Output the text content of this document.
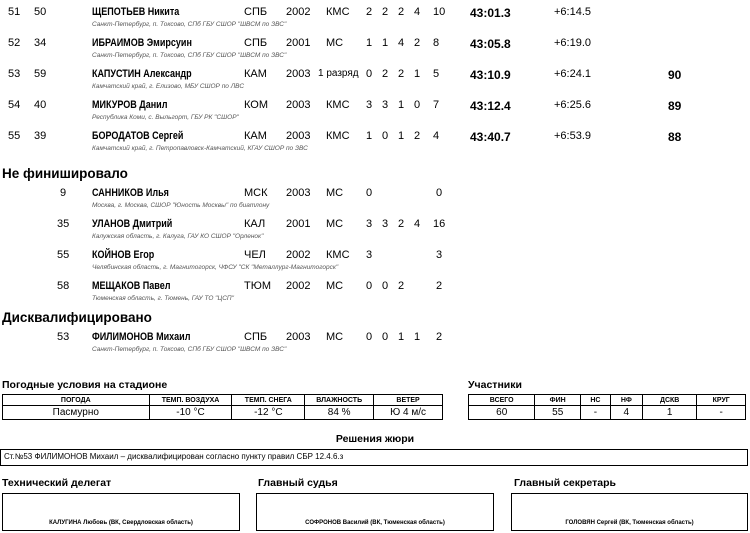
51 50	ЩЕПОТЬЕВ Никита	СПБ 2002 КМС 2 2 2 4 10 43:01.3	+6:14.5
Санкт-Петербург, п. Токсово, СПб ГБУ СШОР "ШВСМ по ЗВС"
52 34	ИБРАИМОВ Эмирсуин	СПБ 2001 МС 1 1 4 2 8	43:05.8	+6:19.0
Санкт-Петербург, п. Токсово, СПб ГБУ СШОР "ШВСМ по ЗВС"
53 59	КАПУСТИН Александр	КАМ 2003 1 разряд 0 2 2 1 5	43:10.9	+6:24.1	90
Камчатский край, г. Елизово, МБУ СШОР по ЛВС
54 40	МИКУРОВ Данил	КОМ 2003 КМС 3 3 1 0 7	43:12.4	+6:25.6	89
Республика Коми, с. Выльгорт, ГБУ РК "СШОР"
55 39	БОРОДАТОВ Сергей	КАМ 2003 КМС 1 0 1 2 4	43:40.7	+6:53.9	88
Камчатский край, г. Петропавловск-Камчатский, КГАУ СШОР по ЗВС
Не финишировало
9 САННИКОВ Илья	МСК 2003 МС 0	0
Москва, г. Москва, СШОР "Юность Москвы" по биатлону
35 УЛАНОВ Дмитрий	КАЛ 2001 МС 3 3 2 4 16
Калужская область, г. Калуга, ГАУ КО СШОР "Орленок"
55 КОЙНОВ Егор	ЧЕЛ 2002 КМС 3	3
Челябинская область, г. Магнитогорск, ЧФСУ "СК "Металлург-Магнитогорск"
58 МЕЩАКОВ Павел	ТЮМ 2002 МС 0 0 2	2
Тюменская область, г. Тюмень, ГАУ ТО "ЦСП"
Дисквалифицировано
53 ФИЛИМОНОВ Михаил	СПБ 2003 МС 0 0 1 1 2
Санкт-Петербург, п. Токсово, СПб ГБУ СШОР "ШВСМ по ЗВС"
Погодные условия на стадионе
ПОГОДА	ТЕМП. ВОЗДУХА	ТЕМП. СНЕГА	ВЛАЖНОСТЬ	ВЕТЕР
Пасмурно	-10 °C	-12 °C	84 %	Ю 4 м/с
Участники
ВСЕГО	ФИН	НС	НФ	ДСКВ	КРУГ
60	55	-	4	1	-
Решения жюри
Ст.№53 ФИЛИМОНОВ Михаил – дисквалифицирован согласно пункту правил СБР 12.4.6.з
Технический делегат
КАЛУГИНА Любовь (ВК, Свердловская область)
Главный судья
СОФРОНОВ Василий (ВК, Тюменская область)
Главный секретарь
ГОЛОВЯН Сергей (ВК, Тюменская область)
